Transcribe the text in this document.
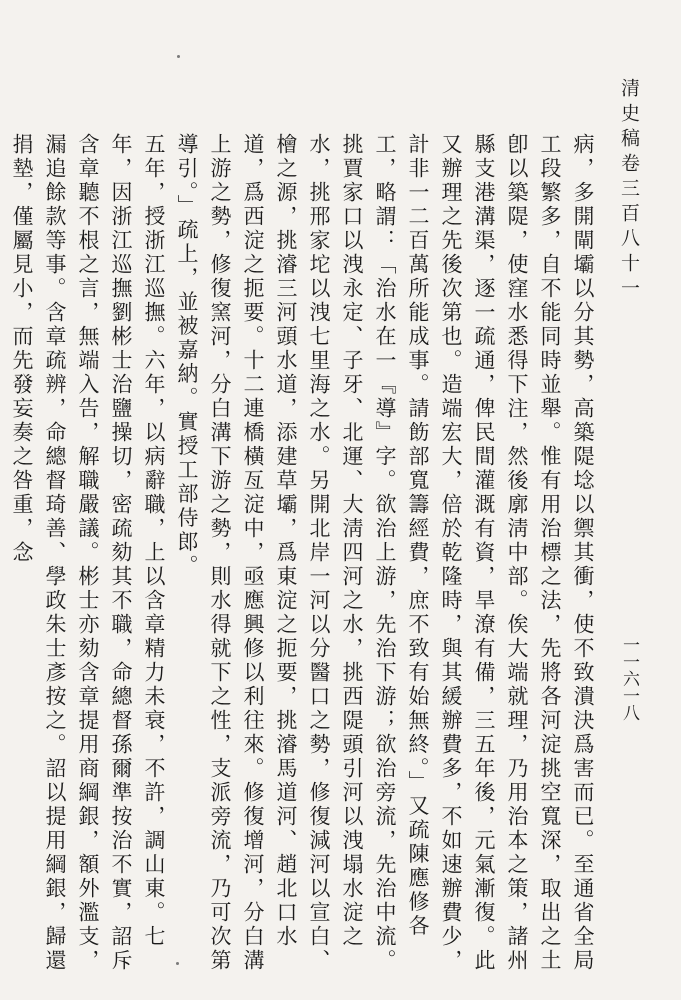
清史稿卷三百八十一
一一六一八

病，多開閘壩以分其勢，高築隄埝以禦其衝，使不致潰決爲害而已。至通省全局工段繁多，自不能同時並舉。惟有用治標之法，先將各河淀挑空寬深，取出之土卽以築隄，使窪水悉得下注，然後廓淸中部。俟大端就理，乃用治本之策，諸州縣支港溝渠，逐一疏通，俾民間灌溉有資，旱潦有備，三五年後，元氣漸復。此又辦理之先後次第也。造端宏大，倍於乾隆時，與其緩辦費多，不如速辦費少，計非一二百萬所能成事。請飭部寬籌經費，庶不致有始無終。」又疏陳應修各工，略謂：「治水在一『導』字。欲治上游，先治下游；欲治旁流，先治中流。挑賈家口以洩永定、子牙、北運、大淸四河之水，挑西隄頭引河以洩塌水淀之水，挑邢家坨以洩七里海之水。另開北岸一河以分醫口之勢，修復減河以宣白、檜之源，挑濬三河頭水道，添建草壩，爲東淀之扼要，挑濬馬道河、趙北口水道，爲西淀之扼要。十二連橋橫亙淀中，亟應興修以利往來。修復增河，分白溝上游之勢，修復窯河，分白溝下游之勢，則水得就下之性，支派旁流，乃可次第導引。」疏上，並被嘉納。實授工部侍郎。

五年，授浙江巡撫。六年，以病辭職，上以含章精力未衰，不許，調山東。七年，因浙江巡撫劉彬士治鹽操切，密疏劾其不職，命總督孫爾準按治不實，詔斥含章聽不根之言，無端入告，解職嚴議。彬士亦劾含章提用商綱銀，額外濫支，漏追餘款等事。含章疏辨，命總督琦善、學政朱士彥按之。詔以提用綱銀，歸還捐墊，僅屬見小，而先發妄奏之咎重，念
